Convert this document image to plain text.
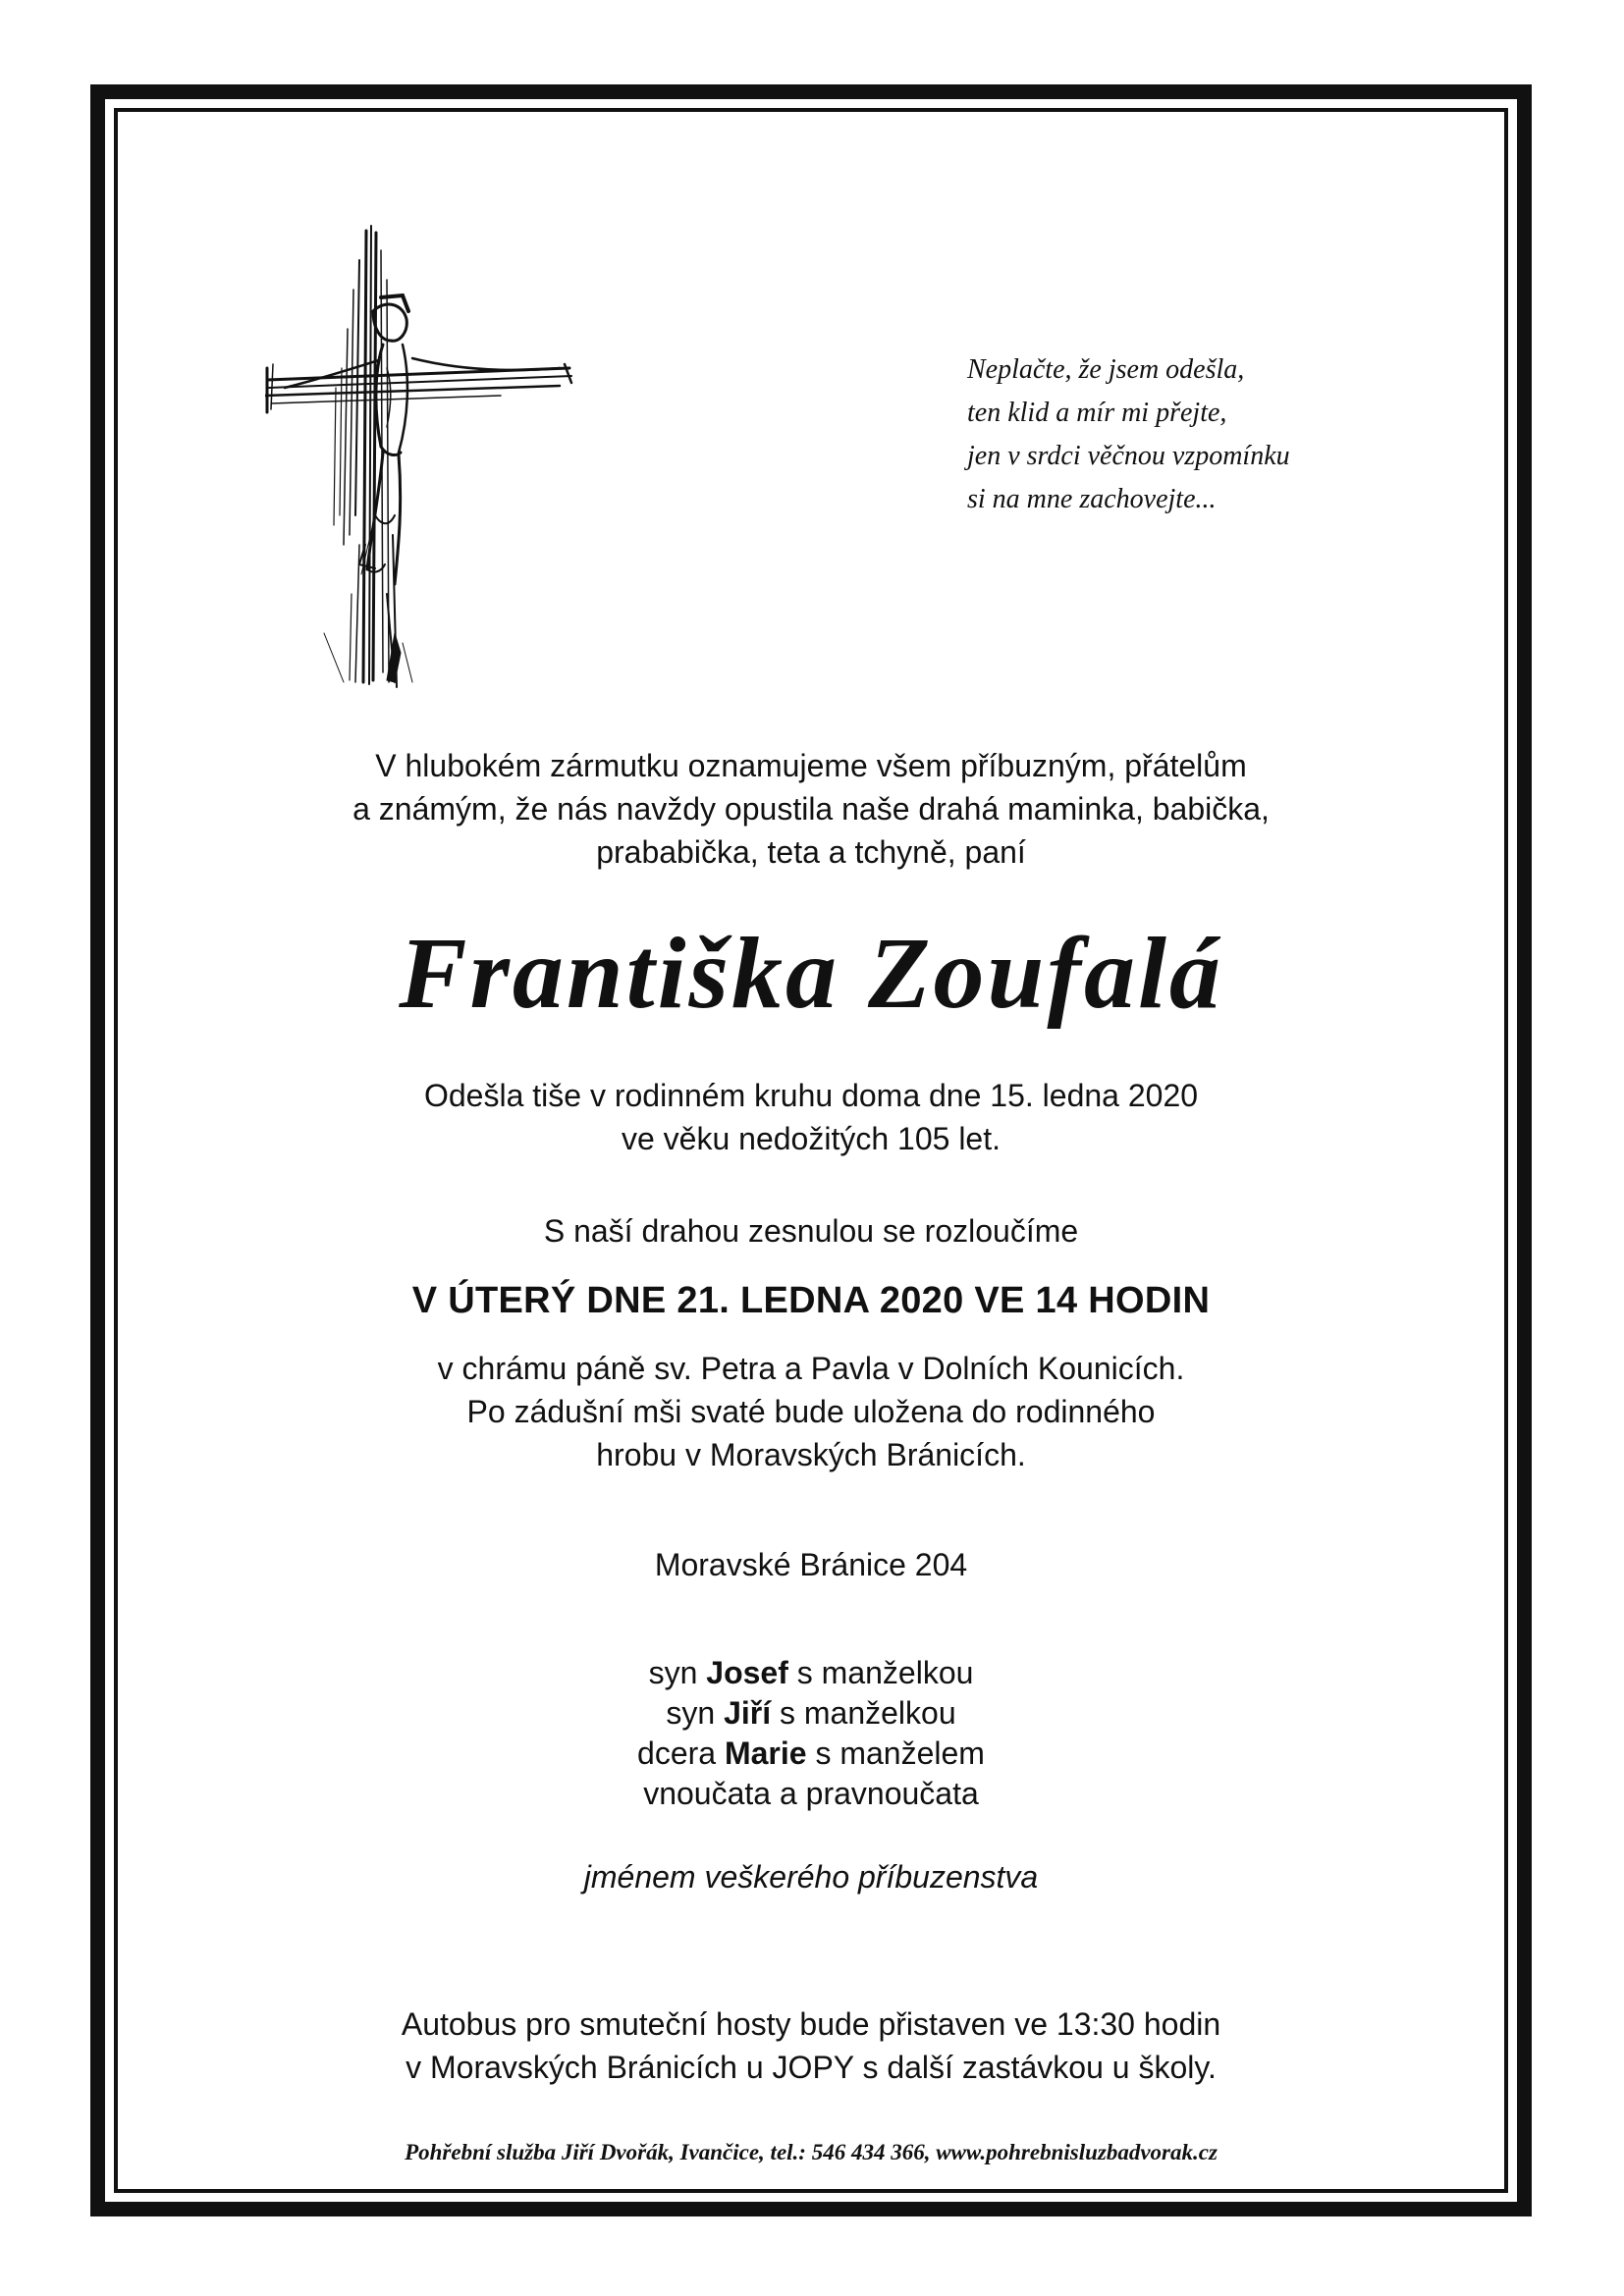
Neplačte, že jsem odešla,
ten klid a mír mi přejte,
jen v srdci věčnou vzpomínku
si na mne zachovejte...
V hlubokém zármutku oznamujeme všem příbuzným, přátelům
a známým, že nás navždy opustila naše drahá maminka, babička,
prababička, teta a tchyně, paní
Františka Zoufalá
Odešla tiše v rodinném kruhu doma dne 15. ledna 2020
ve věku nedožitých 105 let.
S naší drahou zesnulou se rozloučíme
V ÚTERÝ DNE 21. LEDNA 2020 VE 14 HODIN
v chrámu páně sv. Petra a Pavla v Dolních Kounicích.
Po zádušní mši svaté bude uložena do rodinného
hrobu v Moravských Bránicích.
Moravské Bránice 204
syn Josef s manželkou
syn Jiří s manželkou
dcera Marie s manželem
vnoučata a pravnoučata
jménem veškerého příbuzenstva
Autobus pro smuteční hosty bude přistaven ve 13:30 hodin
v Moravských Bránicích u JOPY s další zastávkou u školy.
Pohřební služba Jiří Dvořák, Ivančice, tel.: 546 434 366, www.pohrebnisluzbadvorak.cz
